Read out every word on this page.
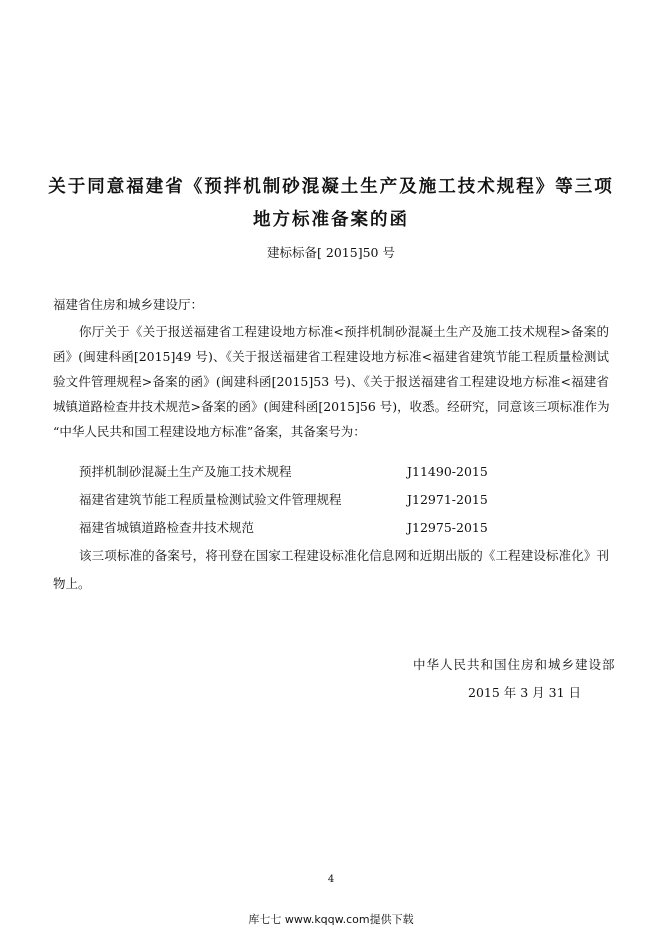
关于同意福建省《预拌机制砂混凝土生产及施工技术规程》等三项
地方标准备案的函
建标标备[ 2015]50 号
福建省住房和城乡建设厅：
你厅关于《关于报送福建省工程建设地方标准<预拌机制砂混凝土生产及施工技术规程>备案的
函》(闽建科函[2015]49 号)、《关于报送福建省工程建设地方标准<福建省建筑节能工程质量检测试
验文件管理规程>备案的函》(闽建科函[2015]53 号)、《关于报送福建省工程建设地方标准<福建省
城镇道路检查井技术规范>备案的函》(闽建科函[2015]56 号)，收悉。经研究，同意该三项标准作为
“中华人民共和国工程建设地方标准”备案，其备案号为：
预拌机制砂混凝土生产及施工技术规程	J11490-2015
福建省建筑节能工程质量检测试验文件管理规程	J12971-2015
福建省城镇道路检查井技术规范	J12975-2015
该三项标准的备案号，将刊登在国家工程建设标准化信息网和近期出版的《工程建设标准化》刊
物上。
中华人民共和国住房和城乡建设部
2015 年 3 月 31 日
4
库七七 www.kqqw.com提供下载
